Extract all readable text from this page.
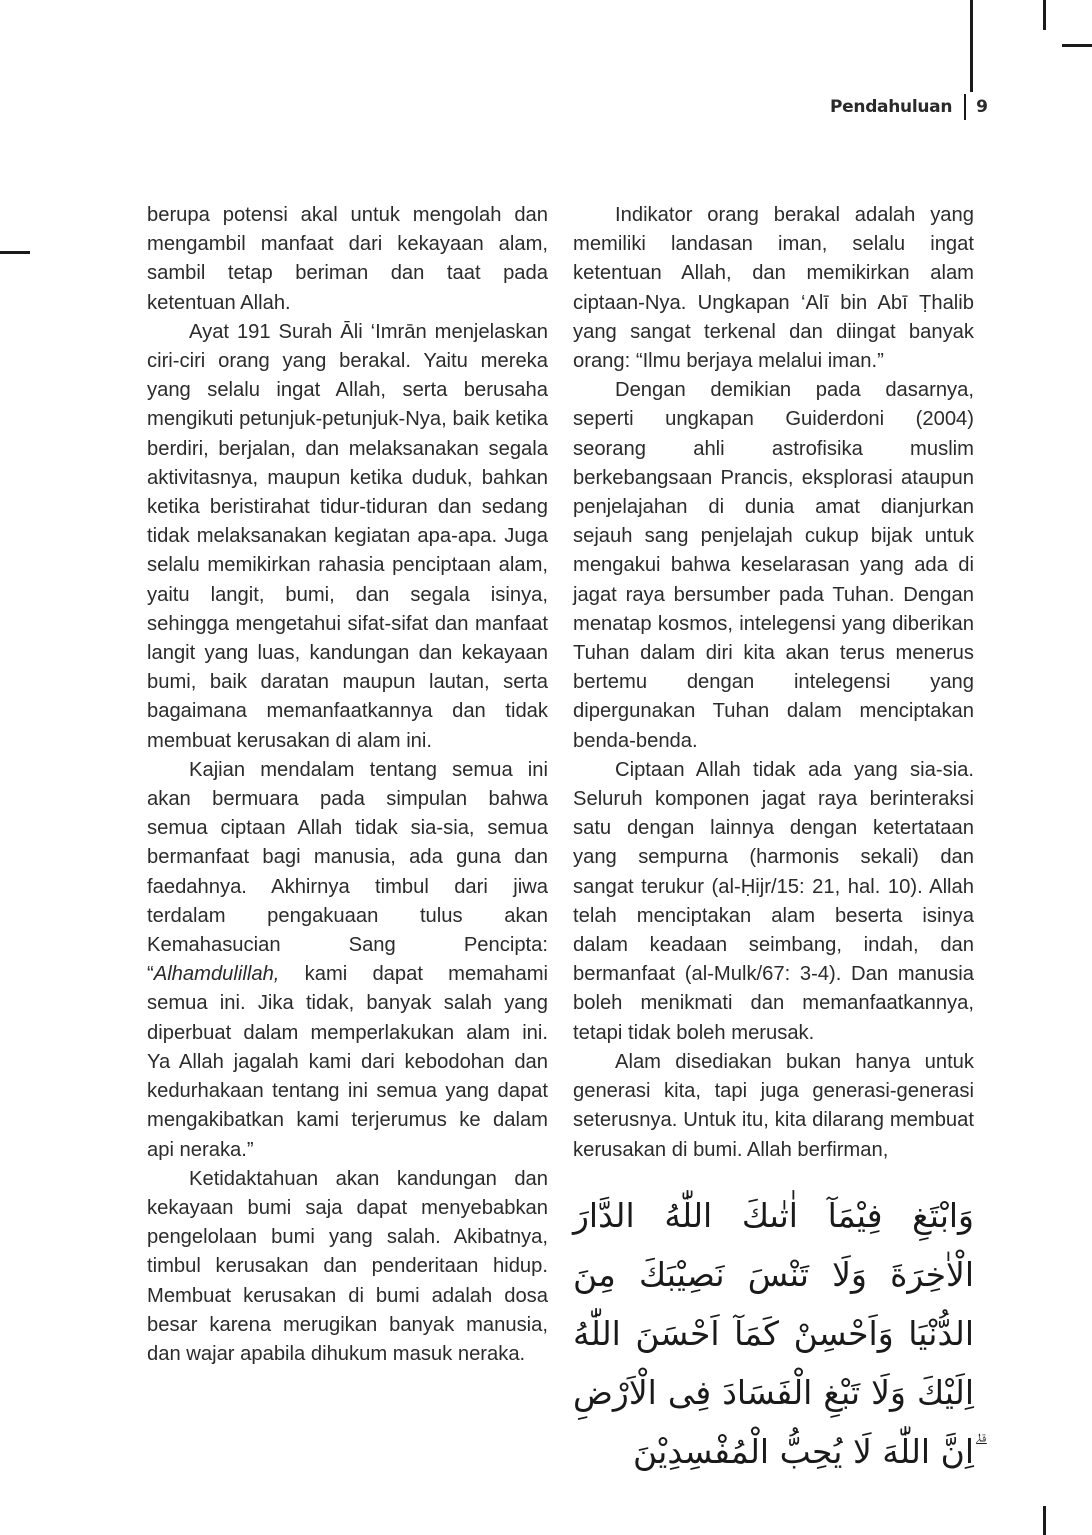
Pendahuluan 9

berupa potensi akal untuk mengolah dan mengambil manfaat dari kekayaan alam, sambil tetap beriman dan taat pada ketentuan Allah.

Ayat 191 Surah Āli ‘Imrān menjelaskan ciri-ciri orang yang berakal. Yaitu mereka yang selalu ingat Allah, serta berusaha mengikuti petunjuk-petunjuk-Nya, baik ketika berdiri, berjalan, dan melaksanakan segala aktivitasnya, maupun ketika duduk, bahkan ketika beristirahat tidur-tiduran dan sedang tidak melaksanakan kegiatan apa-apa. Juga selalu memikirkan rahasia penciptaan alam, yaitu langit, bumi, dan segala isinya, sehingga mengetahui sifat-sifat dan manfaat langit yang luas, kandungan dan kekayaan bumi, baik daratan maupun lautan, serta bagaimana memanfaatkannya dan tidak membuat kerusakan di alam ini.

Kajian mendalam tentang semua ini akan bermuara pada simpulan bahwa semua ciptaan Allah tidak sia-sia, semua bermanfaat bagi manusia, ada guna dan faedahnya. Akhirnya timbul dari jiwa terdalam pengakuaan tulus akan Kemahasucian Sang Pencipta: “Alhamdulillah, kami dapat memahami semua ini. Jika tidak, banyak salah yang diperbuat dalam memperlakukan alam ini. Ya Allah jagalah kami dari kebodohan dan kedurhakaan tentang ini semua yang dapat mengakibatkan kami terjerumus ke dalam api neraka.”

Ketidaktahuan akan kandungan dan kekayaan bumi saja dapat menyebabkan pengelolaan bumi yang salah. Akibatnya, timbul kerusakan dan penderitaan hidup. Membuat kerusakan di bumi adalah dosa besar karena merugikan banyak manusia, dan wajar apabila dihukum masuk neraka.

Indikator orang berakal adalah yang memiliki landasan iman, selalu ingat ketentuan Allah, dan memikirkan alam ciptaan-Nya. Ungkapan ‘Alī bin Abī Ṭhalib yang sangat terkenal dan diingat banyak orang: “Ilmu berjaya melalui iman.”

Dengan demikian pada dasarnya, seperti ungkapan Guiderdoni (2004) seorang ahli astrofisika muslim berkebangsaan Prancis, eksplorasi ataupun penjelajahan di dunia amat dianjurkan sejauh sang penjelajah cukup bijak untuk mengakui bahwa keselarasan yang ada di jagat raya bersumber pada Tuhan. Dengan menatap kosmos, intelegensi yang diberikan Tuhan dalam diri kita akan terus menerus bertemu dengan intelegensi yang dipergunakan Tuhan dalam menciptakan benda-benda.

Ciptaan Allah tidak ada yang sia-sia. Seluruh komponen jagat raya berinteraksi satu dengan lainnya dengan ketertataan yang sempurna (harmonis sekali) dan sangat terukur (al-Ḥijr/15: 21, hal. 10). Allah telah menciptakan alam beserta isinya dalam keadaan seimbang, indah, dan bermanfaat (al-Mulk/67: 3-4). Dan manusia boleh menikmati dan memanfaatkannya, tetapi tidak boleh merusak.

Alam disediakan bukan hanya untuk generasi kita, tapi juga generasi-generasi seterusnya. Untuk itu, kita dilarang membuat kerusakan di bumi. Allah berfirman,

وَابْتَغِ فِيْمَآ اٰتٰىكَ اللّٰهُ الدَّارَ الْاٰخِرَةَ وَلَا تَنْسَ نَصِيْبَكَ مِنَ الدُّنْيَا وَاَحْسِنْ كَمَآ اَحْسَنَ اللّٰهُ اِلَيْكَ وَلَا تَبْغِ الْفَسَادَ فِى الْاَرْضِ ۗاِنَّ اللّٰهَ لَا يُحِبُّ الْمُفْسِدِيْنَ
